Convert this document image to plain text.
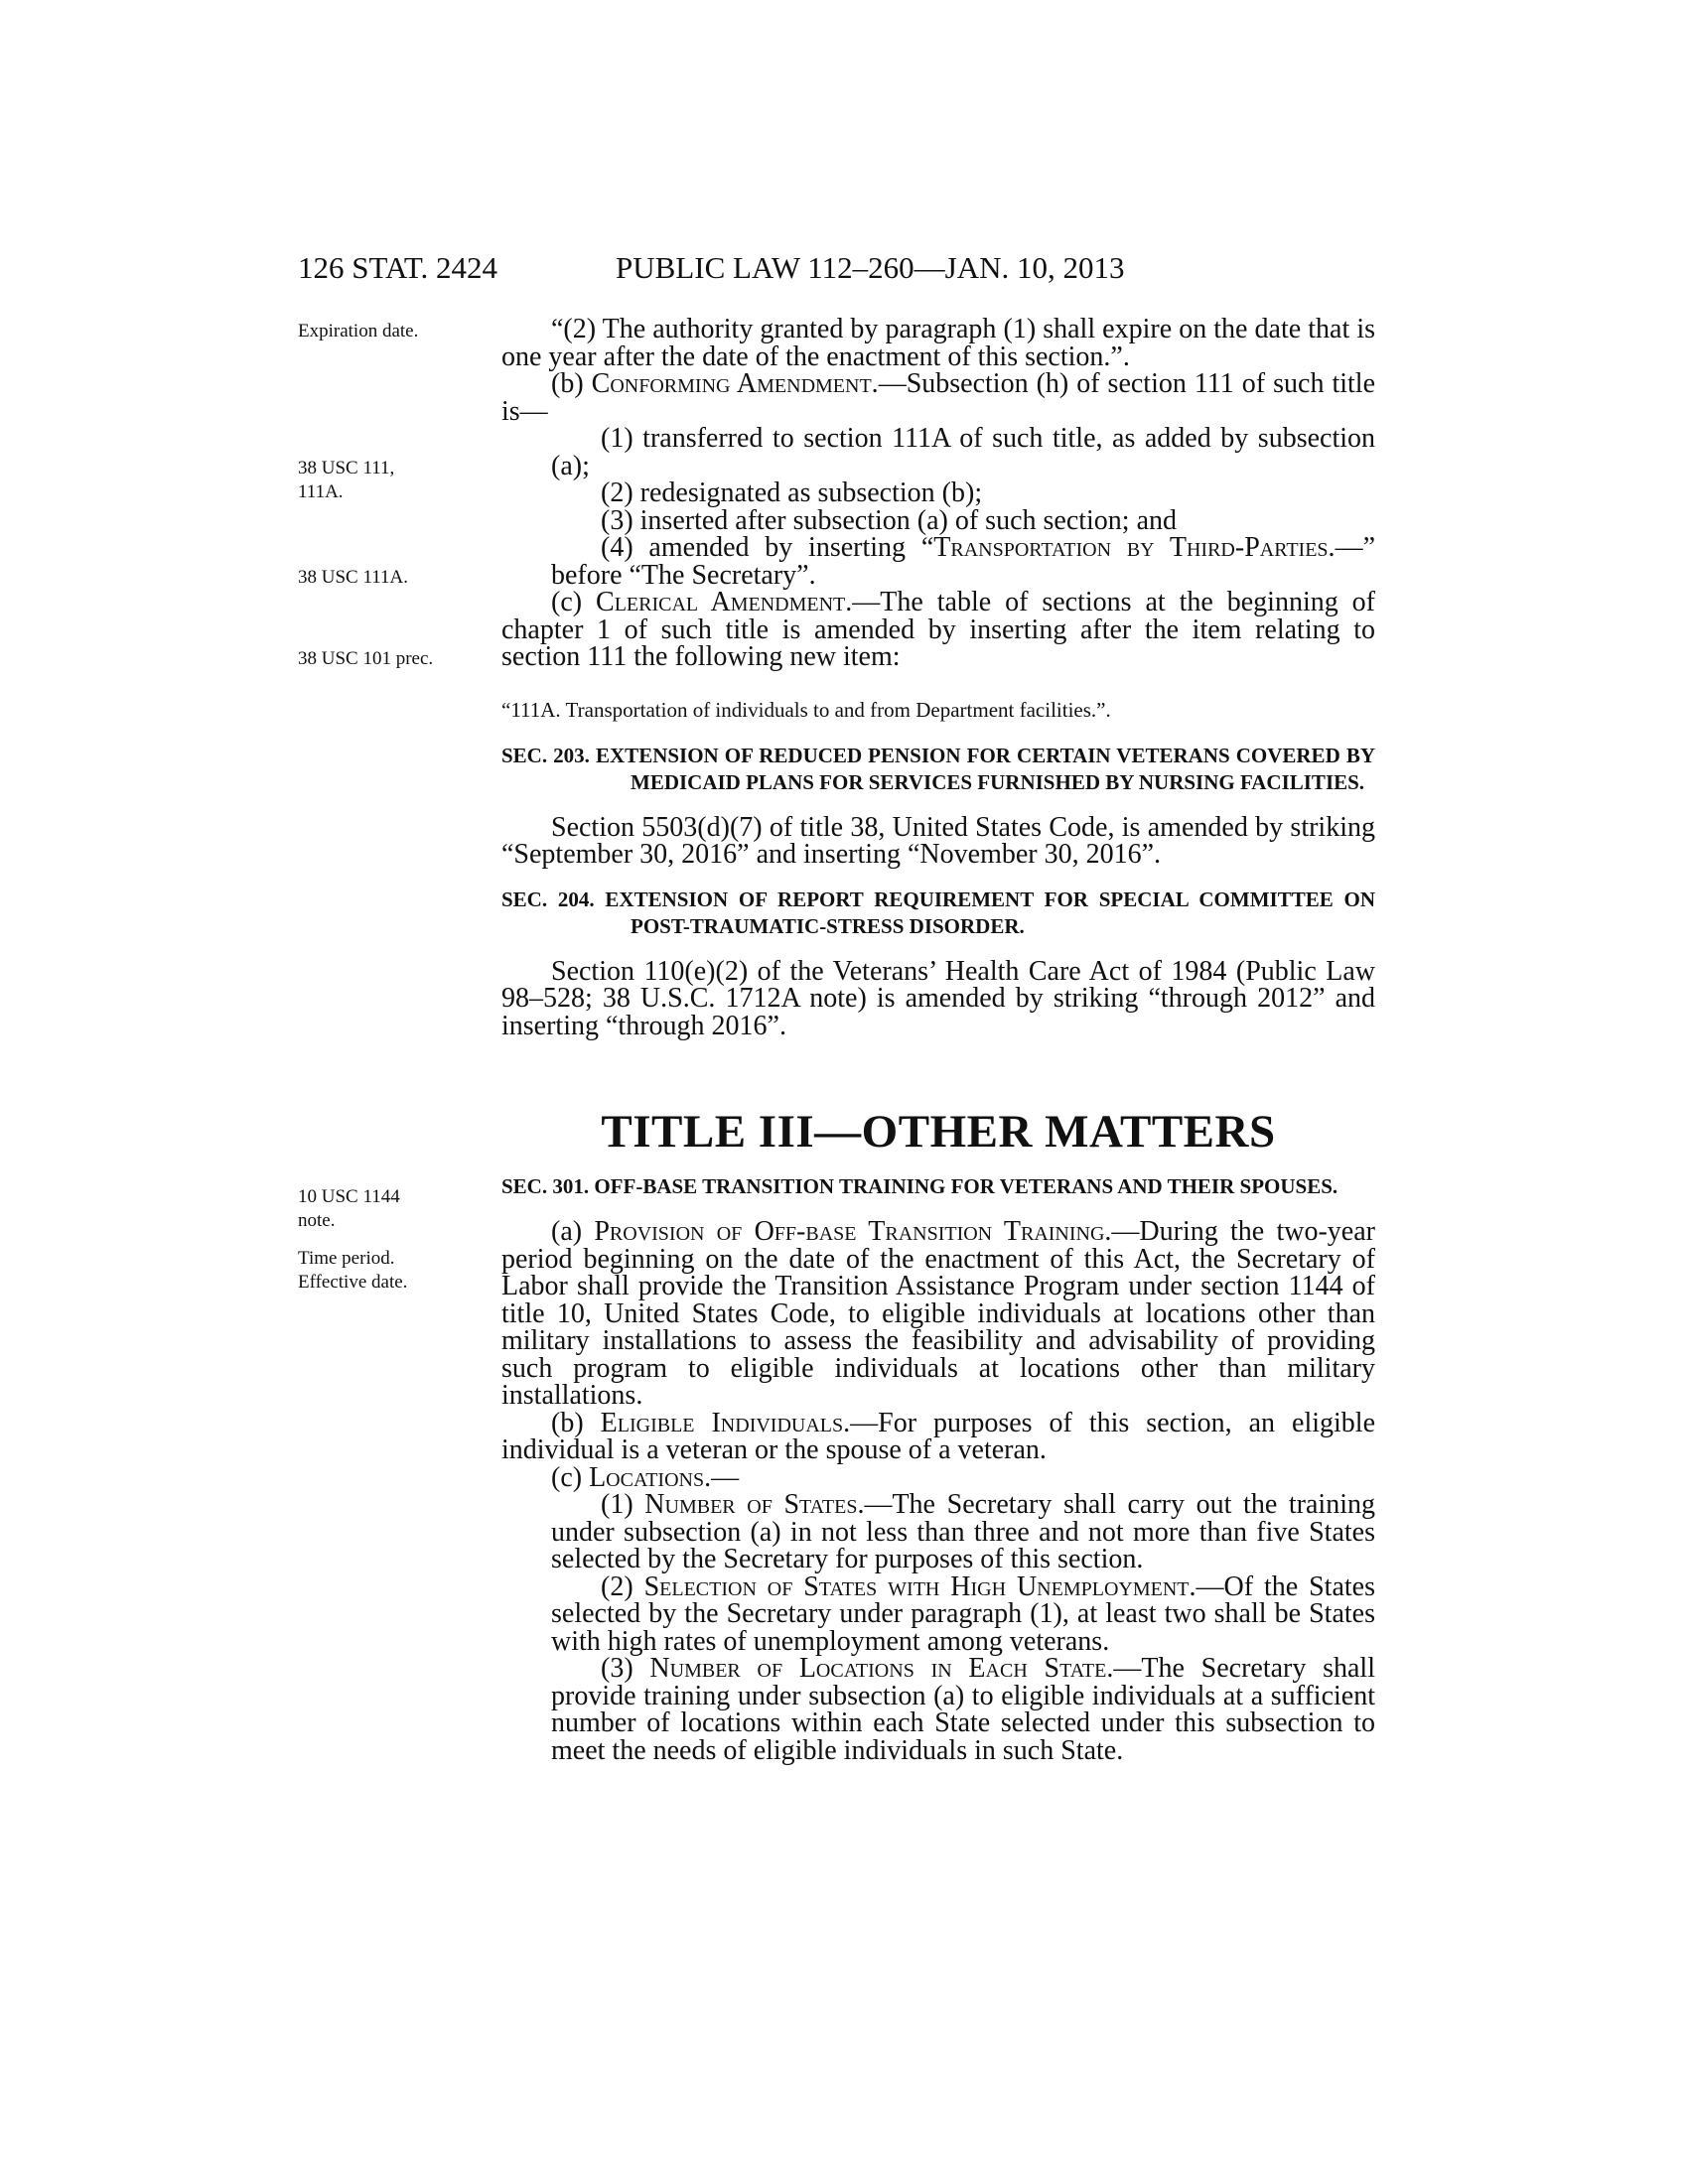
126 STAT. 2424	PUBLIC LAW 112–260—JAN. 10, 2013
Expiration date.
38 USC 111,
111A.
38 USC 111A.
38 USC 101 prec.
10 USC 1144
note.
Time period.
Effective date.

“(2) The authority granted by paragraph (1) shall expire on the date that is one year after the date of the enactment of this section.”.

(b) Conforming Amendment.—Subsection (h) of section 111 of such title is—

(1) transferred to section 111A of such title, as added by subsection (a);

(2) redesignated as subsection (b);

(3) inserted after subsection (a) of such section; and

(4) amended by inserting “Transportation by Third-Parties.—” before “The Secretary”.

(c) Clerical Amendment.—The table of sections at the beginning of chapter 1 of such title is amended by inserting after the item relating to section 111 the following new item:

“111A. Transportation of individuals to and from Department facilities.”.
SEC. 203. EXTENSION OF REDUCED PENSION FOR CERTAIN VETERANS COVERED BY MEDICAID PLANS FOR SERVICES FURNISHED BY NURSING FACILITIES.

Section 5503(d)(7) of title 38, United States Code, is amended by striking “September 30, 2016” and inserting “November 30, 2016”.

SEC. 204. EXTENSION OF REPORT REQUIREMENT FOR SPECIAL COMMITTEE ON POST-TRAUMATIC-STRESS DISORDER.

Section 110(e)(2) of the Veterans’ Health Care Act of 1984 (Public Law 98–528; 38 U.S.C. 1712A note) is amended by striking “through 2012” and inserting “through 2016”.

TITLE III—OTHER MATTERS
SEC. 301. OFF-BASE TRANSITION TRAINING FOR VETERANS AND THEIR SPOUSES.

(a) Provision of Off-base Transition Training.—During the two-year period beginning on the date of the enactment of this Act, the Secretary of Labor shall provide the Transition Assistance Program under section 1144 of title 10, United States Code, to eligible individuals at locations other than military installations to assess the feasibility and advisability of providing such program to eligible individuals at locations other than military installations.

(b) Eligible Individuals.—For purposes of this section, an eligible individual is a veteran or the spouse of a veteran.

(c) Locations.—

(1) Number of States.—The Secretary shall carry out the training under subsection (a) in not less than three and not more than five States selected by the Secretary for purposes of this section.

(2) Selection of States with High Unemployment.—Of the States selected by the Secretary under paragraph (1), at least two shall be States with high rates of unemployment among veterans.

(3) Number of Locations in Each State.—The Secretary shall provide training under subsection (a) to eligible individuals at a sufficient number of locations within each State selected under this subsection to meet the needs of eligible individuals in such State.
